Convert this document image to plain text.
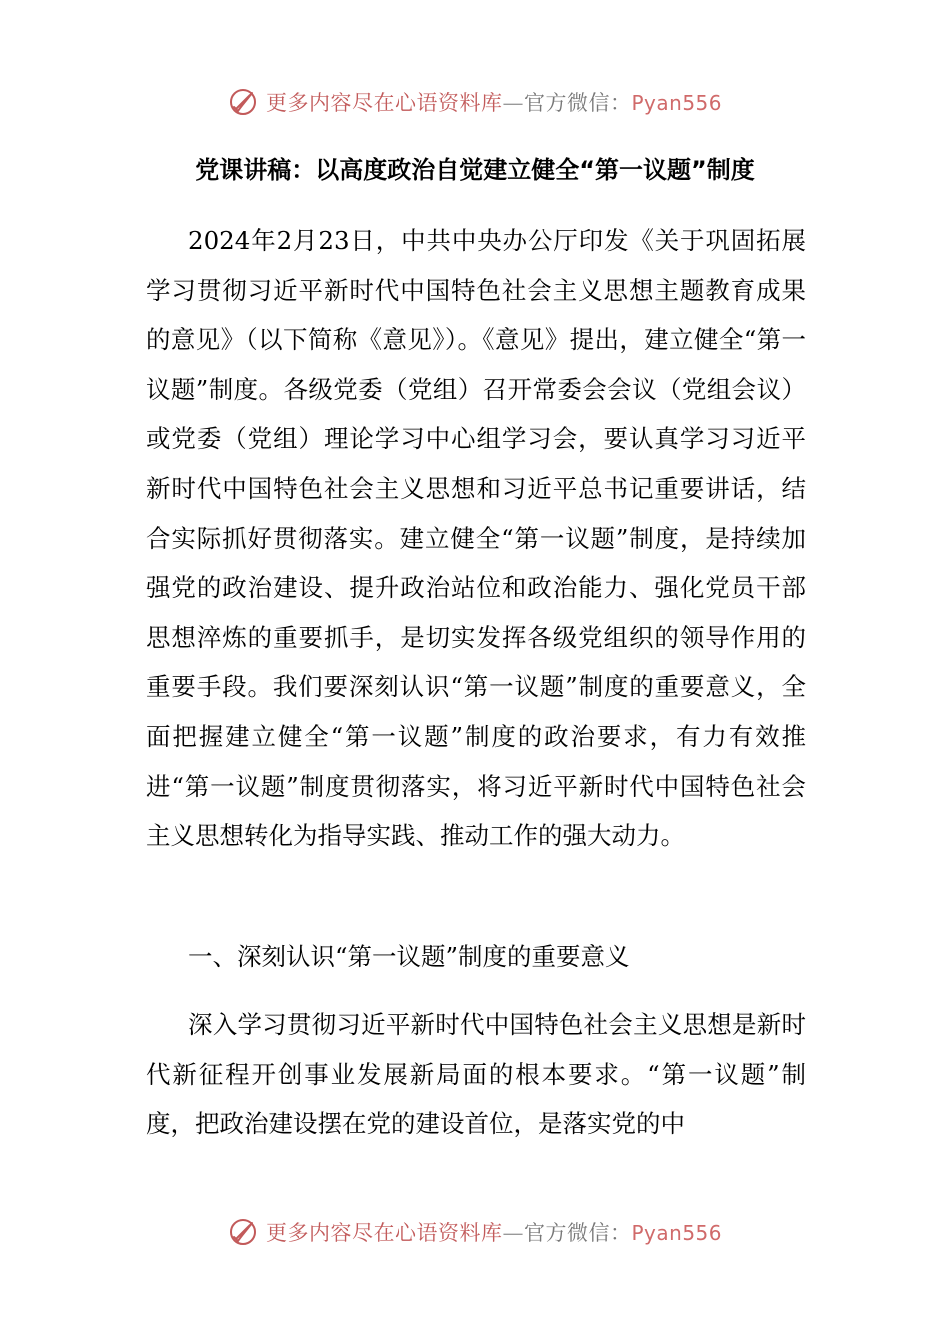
更多内容尽在心语资料库—官方微信：Pyan556
党课讲稿：以高度政治自觉建立健全“第一议题”制度

2024年2月23日，中共中央办公厅印发《关于巩固拓展学习贯彻习近平新时代中国特色社会主义思想主题教育成果的意见》（以下简称《意见》）。《意见》提出，建立健全“第一议题”制度。各级党委（党组）召开常委会会议（党组会议）或党委（党组）理论学习中心组学习会，要认真学习习近平新时代中国特色社会主义思想和习近平总书记重要讲话，结合实际抓好贯彻落实。建立健全“第一议题”制度，是持续加强党的政治建设、提升政治站位和政治能力、强化党员干部思想淬炼的重要抓手，是切实发挥各级党组织的领导作用的重要手段。我们要深刻认识“第一议题”制度的重要意义，全面把握建立健全“第一议题”制度的政治要求，有力有效推进“第一议题”制度贯彻落实，将习近平新时代中国特色社会主义思想转化为指导实践、推动工作的强大动力。

一、深刻认识“第一议题”制度的重要意义

深入学习贯彻习近平新时代中国特色社会主义思想是新时代新征程开创事业发展新局面的根本要求。“第一议题”制度，把政治建设摆在党的建设首位，是落实党的中

更多内容尽在心语资料库—官方微信：Pyan556
